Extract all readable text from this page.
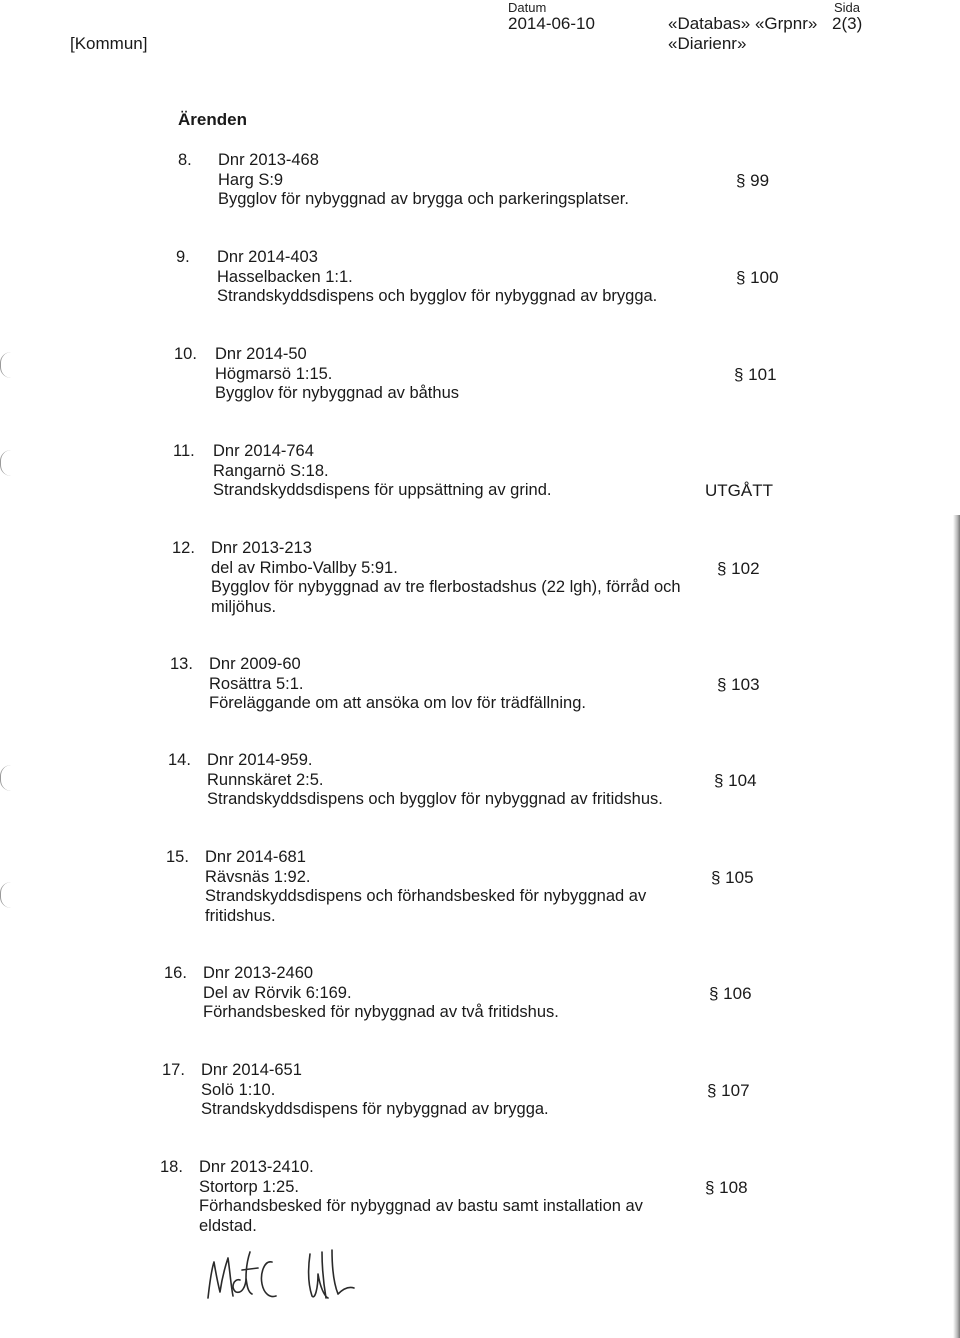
[Kommun]
Datum
2014-06-10	«Databas» «Grpnr»
«Diarienr»
Sida
2(3)
Ärenden
8. Dnr 2013-468
Harg S:9
Bygglov för nybyggnad av brygga och parkeringsplatser.
§ 99
9. Dnr 2014-403
Hasselbacken 1:1.
Strandskyddsdispens och bygglov för nybyggnad av brygga.
§ 100
10. Dnr 2014-50
Högmarsö 1:15.
Bygglov för nybyggnad av båthus
§ 101
11. Dnr 2014-764
Rangarnö S:18.
Strandskyddsdispens för uppsättning av grind.	UTGÅTT
12. Dnr 2013-213
del av Rimbo-Vallby 5:91.
Bygglov för nybyggnad av tre flerbostadshus (22 lgh), förråd och
miljöhus.
§ 102
13. Dnr 2009-60
Rosättra 5:1.
Föreläggande om att ansöka om lov för trädfällning.
§ 103
14. Dnr 2014-959.
Runnskäret 2:5.
Strandskyddsdispens och bygglov för nybyggnad av fritidshus.
§ 104
15. Dnr 2014-681
Rävsnäs 1:92.
Strandskyddsdispens och förhandsbesked för nybyggnad av
fritidshus.
§ 105
16. Dnr 2013-2460
Del av Rörvik 6:169.
Förhandsbesked för nybyggnad av två fritidshus.
§ 106
17. Dnr 2014-651
Solö 1:10.
Strandskyddsdispens för nybyggnad av brygga.
§ 107
18. Dnr 2013-2410.
Stortorp 1:25.
Förhandsbesked för nybyggnad av bastu samt installation av
eldstad.
§ 108
